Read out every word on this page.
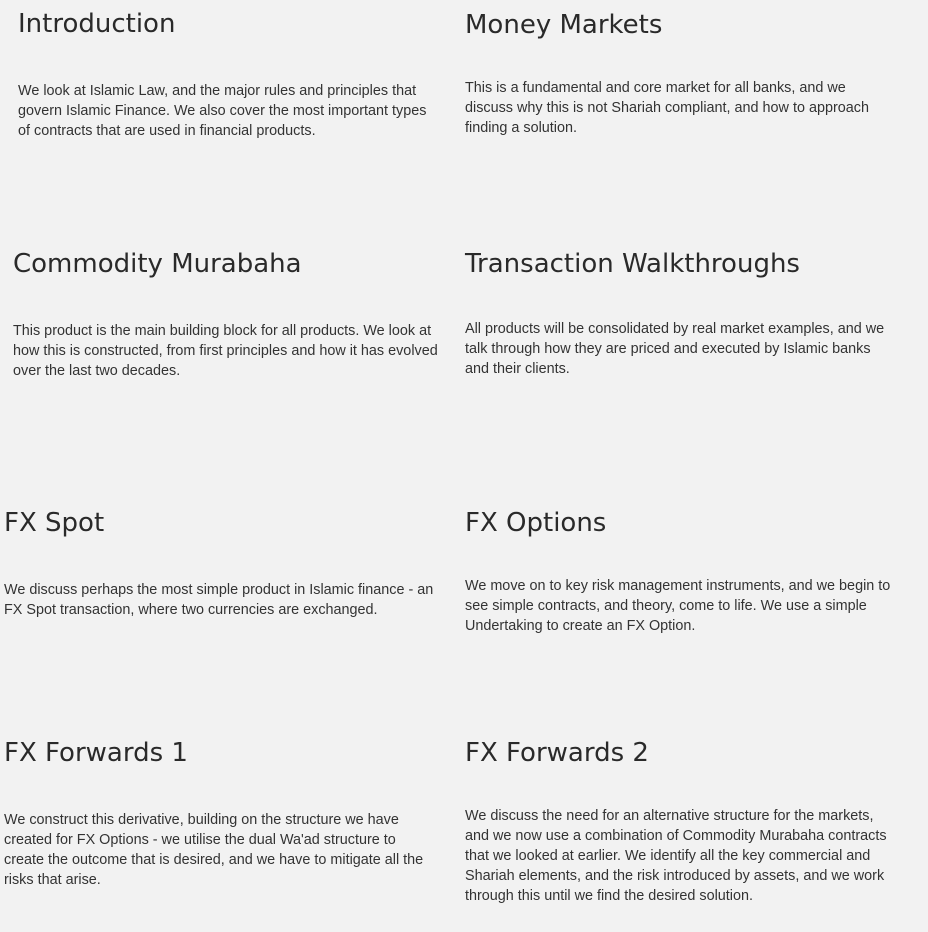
Introduction

We look at Islamic Law, and the major rules and principles that govern Islamic Finance. We also cover the most important types of contracts that are used in financial products.

Money Markets

This is a fundamental and core market for all banks, and we discuss why this is not Shariah compliant, and how to approach finding a solution.

Commodity Murabaha

This product is the main building block for all products. We look at how this is constructed, from first principles and how it has evolved over the last two decades.

Transaction Walkthroughs

All products will be consolidated by real market examples, and we talk through how they are priced and executed by Islamic banks and their clients.

FX Spot

We discuss perhaps the most simple product in Islamic finance - an FX Spot transaction, where two currencies are exchanged.

FX Options

We move on to key risk management instruments, and we begin to see simple contracts, and theory, come to life. We use a simple Undertaking to create an FX Option.

FX Forwards 1

We construct this derivative, building on the structure we have created for FX Options - we utilise the dual Wa'ad structure to create the outcome that is desired, and we have to mitigate all the risks that arise.

FX Forwards 2

We discuss the need for an alternative structure for the markets, and we now use a combination of Commodity Murabaha contracts that we looked at earlier. We identify all the key commercial and Shariah elements, and the risk introduced by assets, and we work through this until we find the desired solution.
